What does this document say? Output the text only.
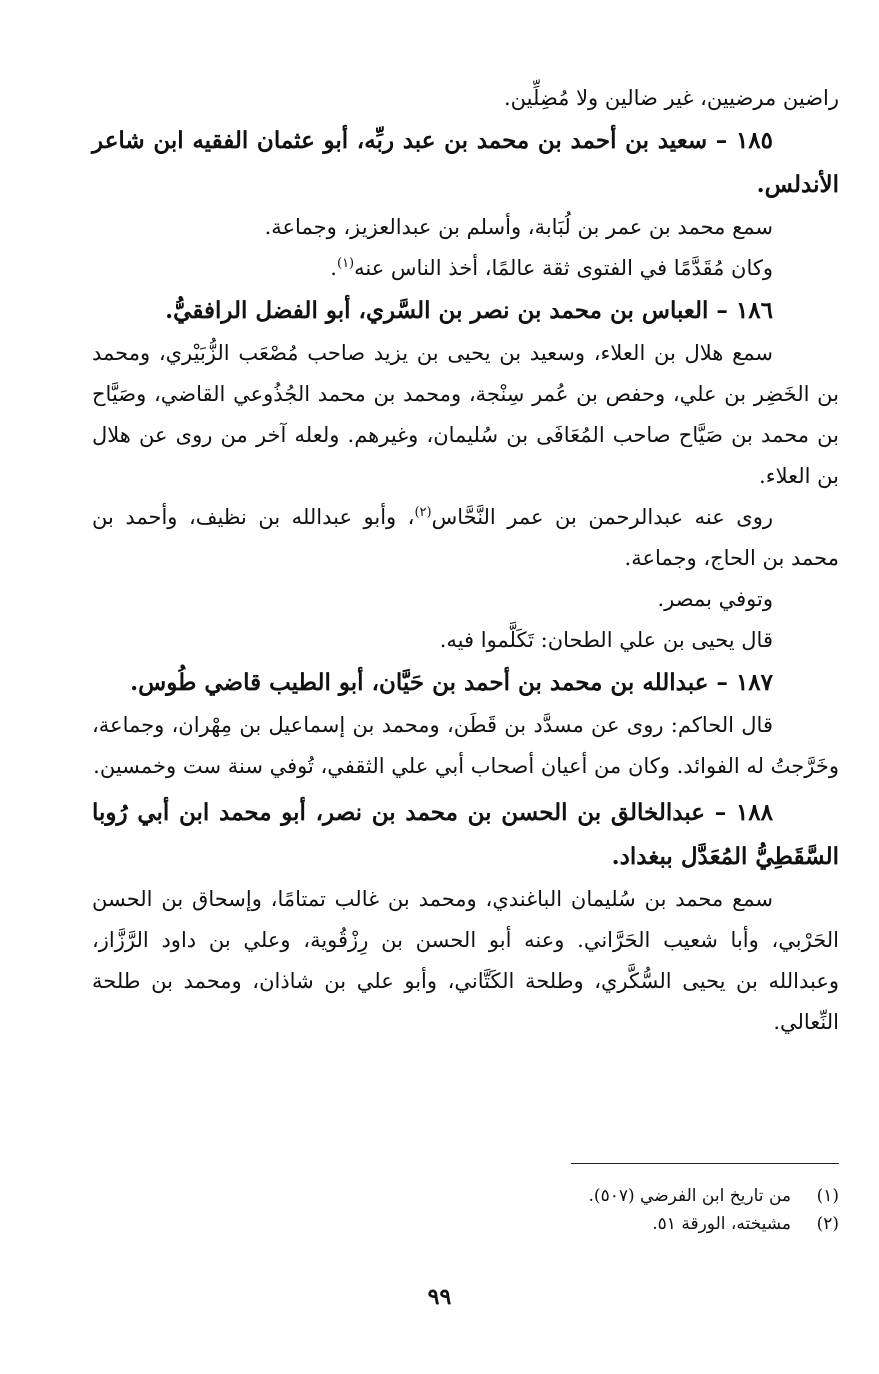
راضين مرضيين، غير ضالين ولا مُضِلِّين.

١٨٥ – سعيد بن أحمد بن محمد بن عبد ربِّه، أبو عثمان الفقيه ابن شاعر الأندلس.

سمع محمد بن عمر بن لُبَابة، وأسلم بن عبدالعزيز، وجماعة.

وكان مُقَدَّمًا في الفتوى ثقة عالمًا، أخذ الناس عنه$^{(١)}$.

١٨٦ – العباس بن محمد بن نصر بن السَّري، أبو الفضل الرافقيُّ.

سمع هلال بن العلاء، وسعيد بن يحيى بن يزيد صاحب مُصْعَب الزُّبَيْري، ومحمد بن الخَضِر بن علي، وحفص بن عُمر سِنْجة، ومحمد بن محمد الجُذُوعي القاضي، وصَيَّاح بن محمد بن صَيَّاح صاحب المُعَافَى بن سُليمان، وغيرهم. ولعله آخر من روى عن هلال بن العلاء.

روى عنه عبدالرحمن بن عمر النَّحَّاس$^{(٢)}$، وأبو عبدالله بن نظيف، وأحمد بن محمد بن الحاج، وجماعة.

وتوفي بمصر.

قال يحيى بن علي الطحان: تَكَلَّموا فيه.

١٨٧ – عبدالله بن محمد بن أحمد بن حَيَّان، أبو الطيب قاضي طُوس.

قال الحاكم: روى عن مسدَّد بن قَطَن، ومحمد بن إسماعيل بن مِهْران، وجماعة، وخَرَّجتُ له الفوائد. وكان من أعيان أصحاب أبي علي الثقفي، تُوفي سنة ست وخمسين.

١٨٨ – عبدالخالق بن الحسن بن محمد بن نصر، أبو محمد ابن أبي رُوبا السَّقَطِيُّ المُعَدَّل ببغداد.

سمع محمد بن سُليمان الباغندي، ومحمد بن غالب تمتامًا، وإسحاق بن الحسن الحَرْبي، وأبا شعيب الحَرَّاني. وعنه أبو الحسن بن رِزْقُوية، وعلي بن داود الرَّزَّاز، وعبدالله بن يحيى السُّكَّري، وطلحة الكَتَّاني، وأبو علي بن شاذان، ومحمد بن طلحة النِّعالي.

(١)من تاريخ ابن الفرضي (٥٠٧).

(٢)مشيخته، الورقة ٥١.

٩٩
